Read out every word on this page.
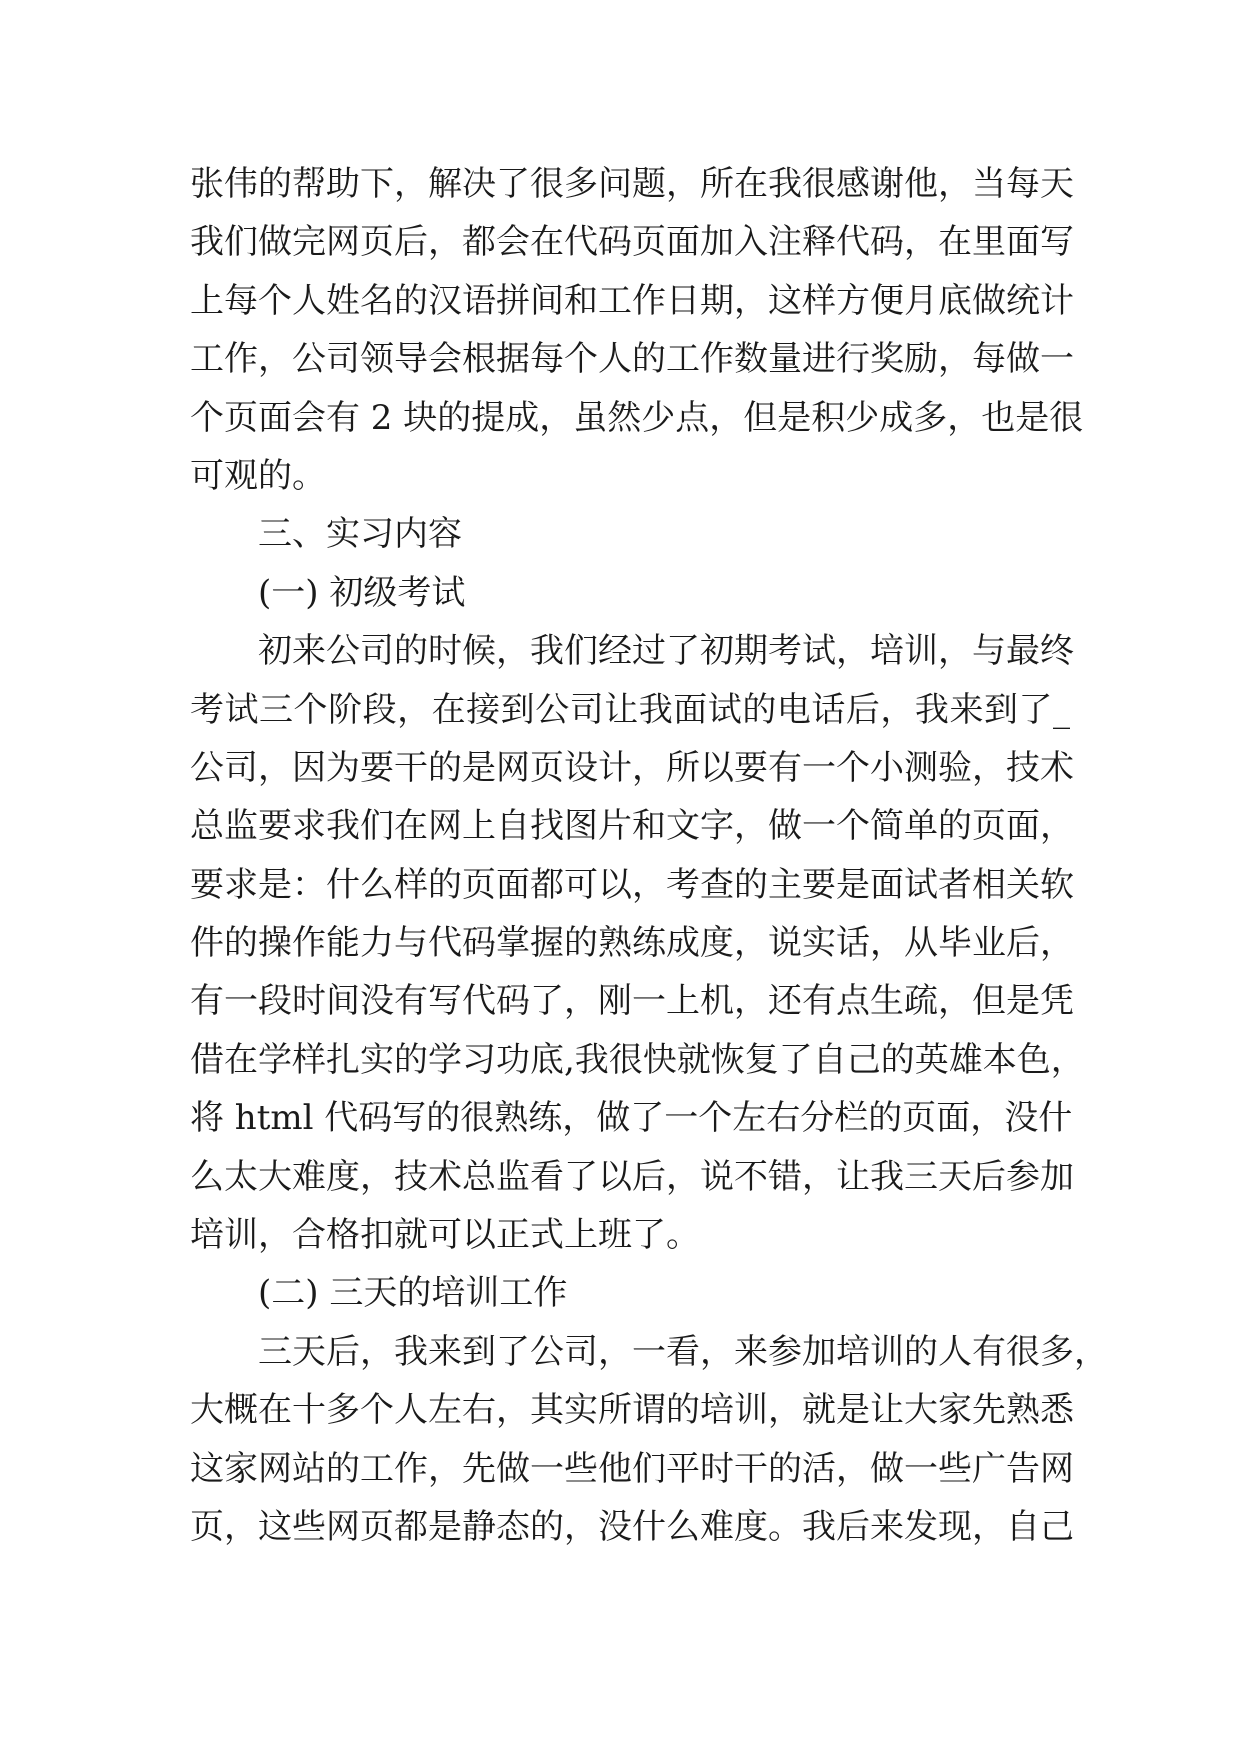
张伟的帮助下，解决了很多问题，所在我很感谢他，当每天
我们做完网页后，都会在代码页面加入注释代码，在里面写
上每个人姓名的汉语拼间和工作日期，这样方便月底做统计
工作，公司领导会根据每个人的工作数量进行奖励，每做一
个页面会有 2 块的提成，虽然少点，但是积少成多，也是很
可观的。
三、实习内容
(一) 初级考试
初来公司的时候，我们经过了初期考试，培训，与最终
考试三个阶段，在接到公司让我面试的电话后，我来到了_
公司，因为要干的是网页设计，所以要有一个小测验，技术
总监要求我们在网上自找图片和文字，做一个简单的页面，
要求是：什么样的页面都可以，考查的主要是面试者相关软
件的操作能力与代码掌握的熟练成度，说实话，从毕业后，
有一段时间没有写代码了，刚一上机，还有点生疏，但是凭
借在学样扎实的学习功底,我很快就恢复了自己的英雄本色，
将 html 代码写的很熟练，做了一个左右分栏的页面，没什
么太大难度，技术总监看了以后，说不错，让我三天后参加
培训，合格扣就可以正式上班了。
(二) 三天的培训工作
三天后，我来到了公司，一看，来参加培训的人有很多，
大概在十多个人左右，其实所谓的培训，就是让大家先熟悉
这家网站的工作，先做一些他们平时干的活，做一些广告网
页，这些网页都是静态的，没什么难度。我后来发现，自己
